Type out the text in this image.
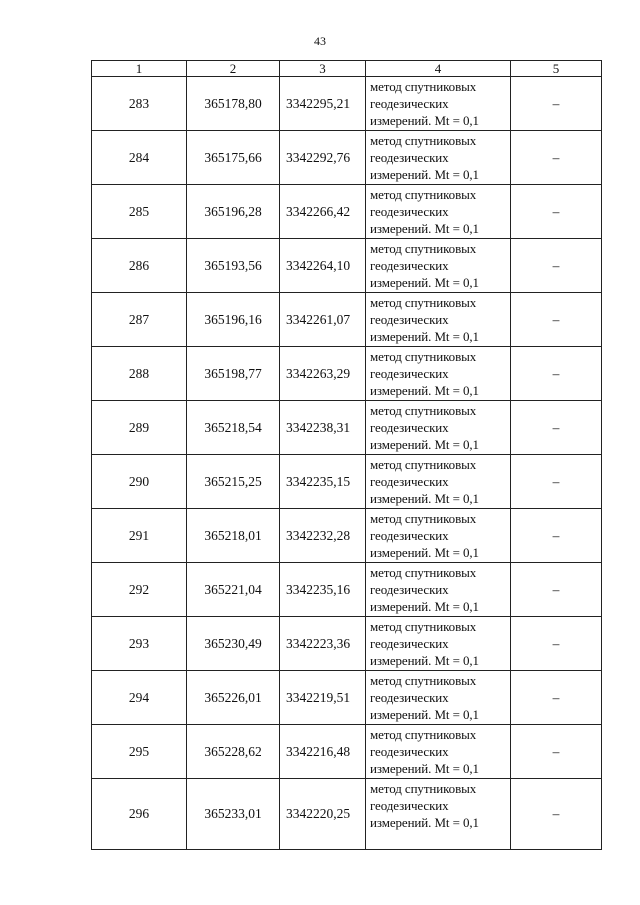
43
1	2	3	4	5
283	365178,80	3342295,21	метод спутниковых
геодезических
измерений. Mt = 0,1	–
284	365175,66	3342292,76	метод спутниковых
геодезических
измерений. Mt = 0,1	–
285	365196,28	3342266,42	метод спутниковых
геодезических
измерений. Mt = 0,1	–
286	365193,56	3342264,10	метод спутниковых
геодезических
измерений. Mt = 0,1	–
287	365196,16	3342261,07	метод спутниковых
геодезических
измерений. Mt = 0,1	–
288	365198,77	3342263,29	метод спутниковых
геодезических
измерений. Mt = 0,1	–
289	365218,54	3342238,31	метод спутниковых
геодезических
измерений. Mt = 0,1	–
290	365215,25	3342235,15	метод спутниковых
геодезических
измерений. Mt = 0,1	–
291	365218,01	3342232,28	метод спутниковых
геодезических
измерений. Mt = 0,1	–
292	365221,04	3342235,16	метод спутниковых
геодезических
измерений. Mt = 0,1	–
293	365230,49	3342223,36	метод спутниковых
геодезических
измерений. Mt = 0,1	–
294	365226,01	3342219,51	метод спутниковых
геодезических
измерений. Mt = 0,1	–
295	365228,62	3342216,48	метод спутниковых
геодезических
измерений. Mt = 0,1	–
296	365233,01	3342220,25	метод спутниковых
геодезических
измерений. Mt = 0,1	–
